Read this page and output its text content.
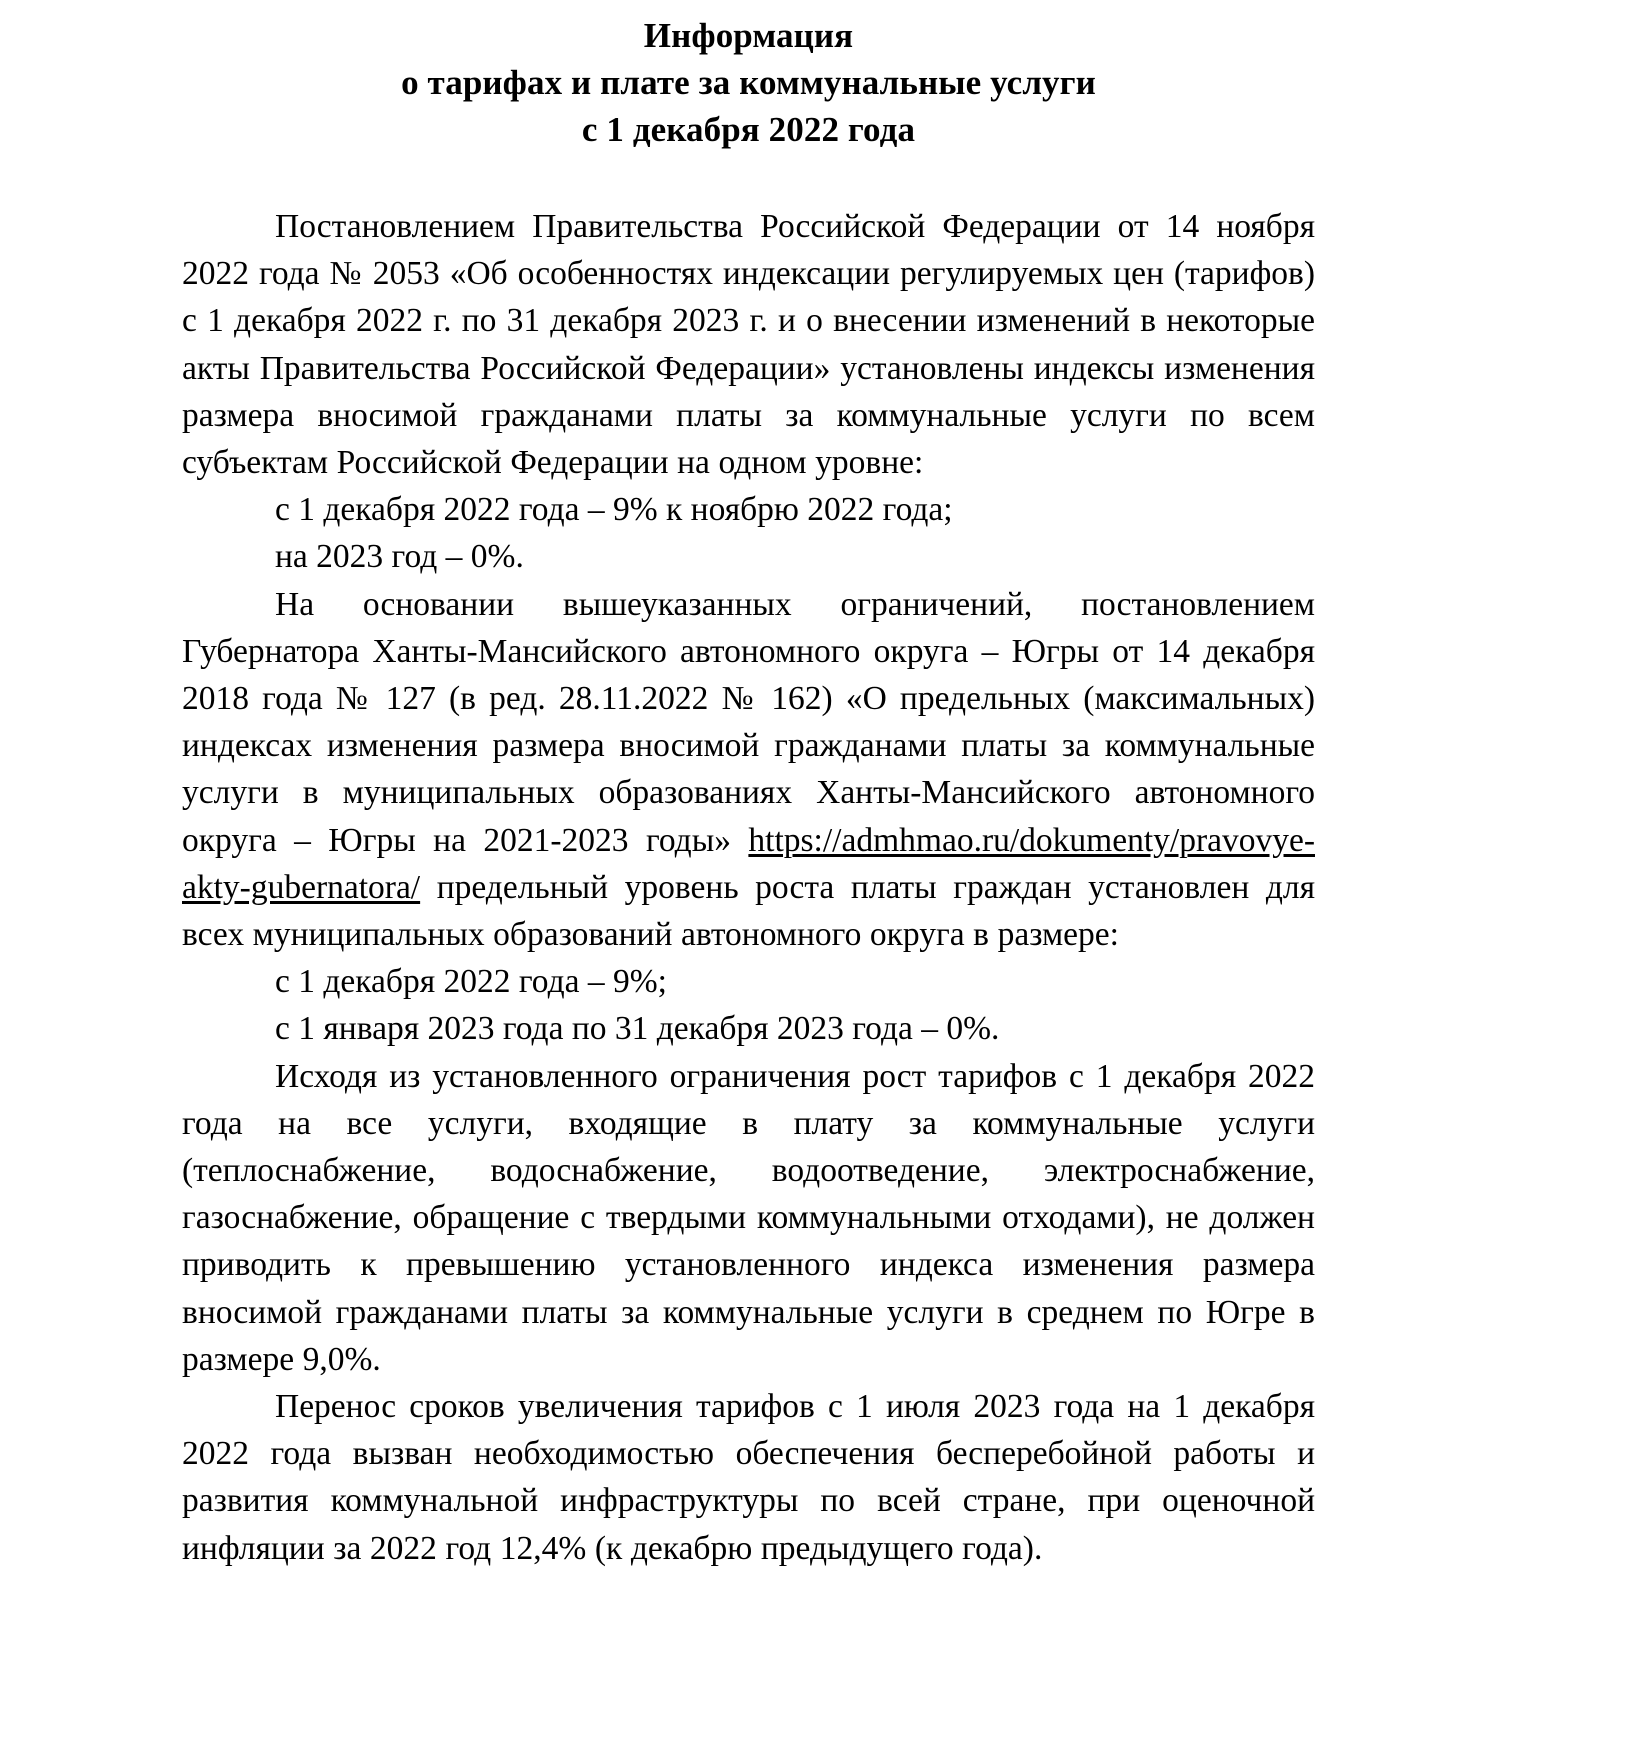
Информация
о тарифах и плате за коммунальные услуги
с 1 декабря 2022 года

Постановлением Правительства Российской Федерации от 14 ноября 2022 года № 2053 «Об особенностях индексации регулируемых цен (тарифов) с 1 декабря 2022 г. по 31 декабря 2023 г. и о внесении изменений в некоторые акты Правительства Российской Федерации» установлены индексы изменения размера вносимой гражданами платы за коммунальные услуги по всем субъектам Российской Федерации на одном уровне:

с 1 декабря 2022 года – 9% к ноябрю 2022 года;

на 2023 год – 0%.

На основании вышеуказанных ограничений, постановлением Губернатора Ханты-Мансийского автономного округа – Югры от 14 декабря 2018 года № 127 (в ред. 28.11.2022 № 162) «О предельных (максимальных) индексах изменения размера вносимой гражданами платы за коммунальные услуги в муниципальных образованиях Ханты-Мансийского автономного округа – Югры на 2021-2023 годы» https://admhmao.ru/dokumenty/pravovye-akty-gubernatora/ предельный уровень роста платы граждан установлен для всех муниципальных образований автономного округа в размере:

с 1 декабря 2022 года – 9%;

с 1 января 2023 года по 31 декабря 2023 года – 0%.

Исходя из установленного ограничения рост тарифов с 1 декабря 2022 года на все услуги, входящие в плату за коммунальные услуги (теплоснабжение, водоснабжение, водоотведение, электроснабжение, газоснабжение, обращение с твердыми коммунальными отходами), не должен приводить к превышению установленного индекса изменения размера вносимой гражданами платы за коммунальные услуги в среднем по Югре в размере 9,0%.

Перенос сроков увеличения тарифов с 1 июля 2023 года на 1 декабря 2022 года вызван необходимостью обеспечения бесперебойной работы и развития коммунальной инфраструктуры по всей стране, при оценочной инфляции за 2022 год 12,4% (к декабрю предыдущего года).
